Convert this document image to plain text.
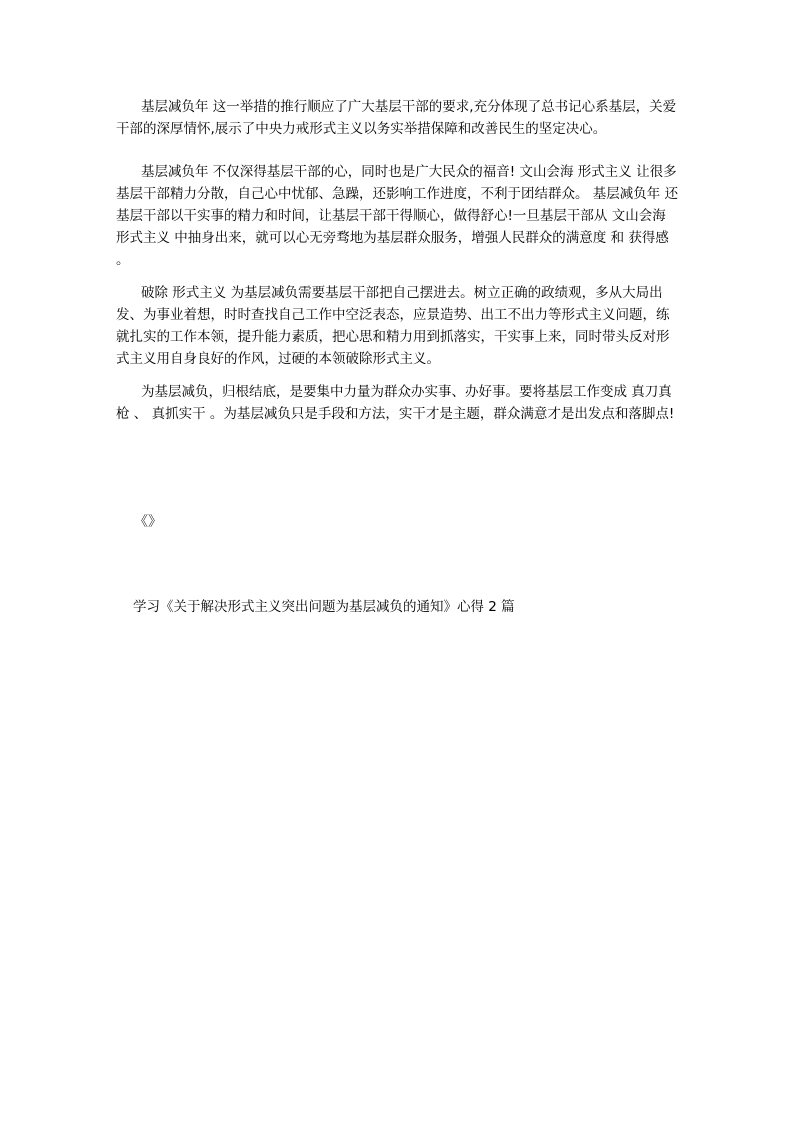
基层减负年 这一举措的推行顺应了广大基层干部的要求,充分体现了总书记心系基层，关爱干部的深厚情怀,展示了中央力戒形式主义以务实举措保障和改善民生的坚定决心。

基层减负年 不仅深得基层干部的心，同时也是广大民众的福音! 文山会海 形式主义 让很多基层干部精力分散，自己心中忧郁、急躁，还影响工作进度，不利于团结群众。 基层减负年 还基层干部以干实事的精力和时间，让基层干部干得顺心，做得舒心!一旦基层干部从 文山会海 形式主义 中抽身出来，就可以心无旁骛地为基层群众服务，增强人民群众的满意度 和 获得感 。

破除 形式主义 为基层减负需要基层干部把自己摆进去。树立正确的政绩观，多从大局出发、为事业着想，时时查找自己工作中空泛表态，应景造势、出工不出力等形式主义问题，练就扎实的工作本领，提升能力素质，把心思和精力用到抓落实，干实事上来，同时带头反对形式主义用自身良好的作风，过硬的本领破除形式主义。

为基层减负，归根结底，是要集中力量为群众办实事、办好事。要将基层工作变成 真刀真枪 、 真抓实干 。为基层减负只是手段和方法，实干才是主题，群众满意才是出发点和落脚点!

《》

学习《关于解决形式主义突出问题为基层减负的通知》心得 2 篇
